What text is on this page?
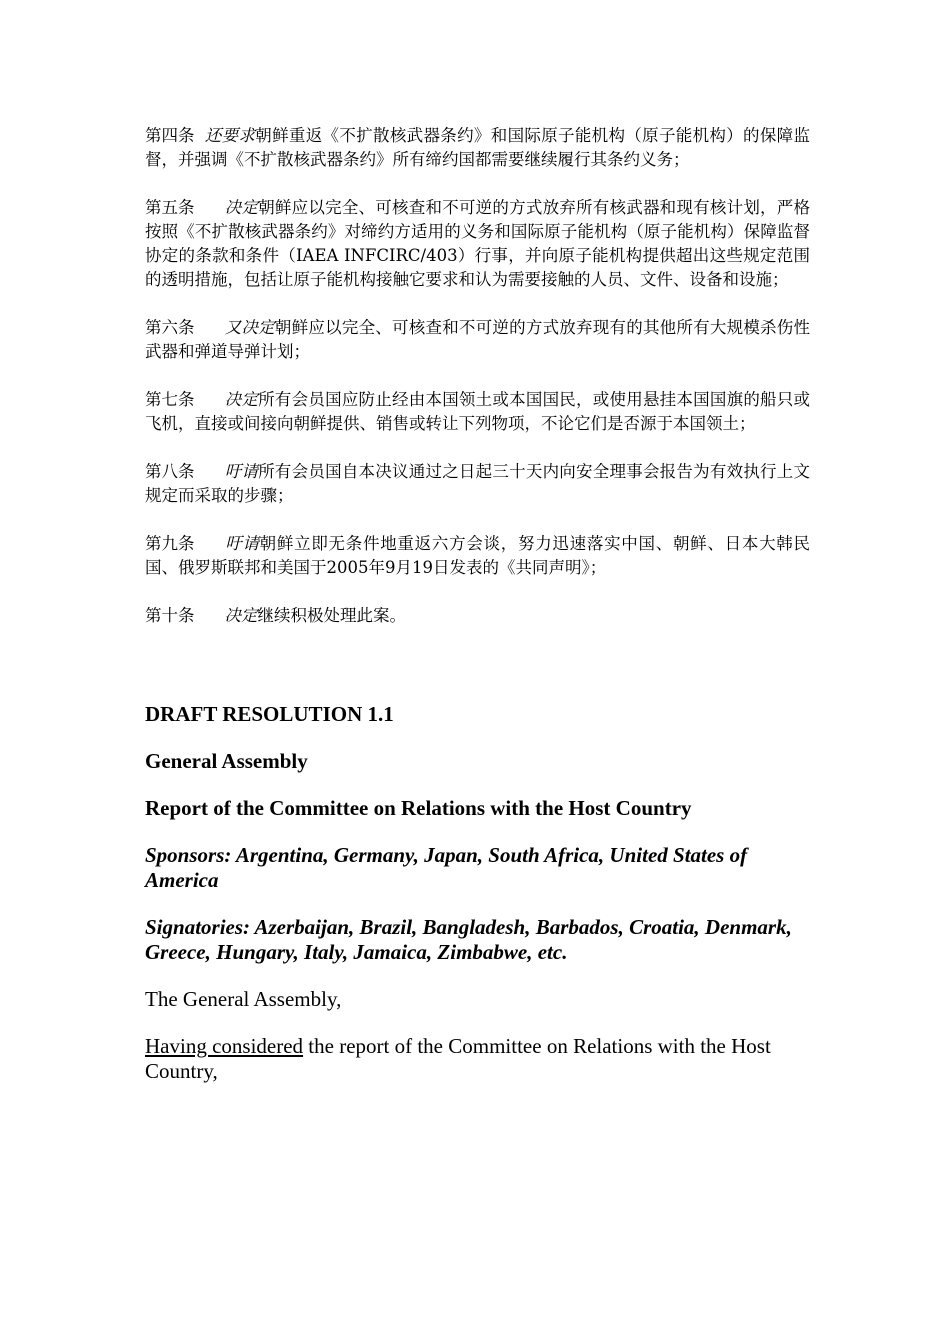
第四条 还要求朝鲜重返《不扩散核武器条约》和国际原子能机构（原子能机构）的保障监督，并强调《不扩散核武器条约》所有缔约国都需要继续履行其条约义务；

第五条 决定朝鲜应以完全、可核查和不可逆的方式放弃所有核武器和现有核计划，严格按照《不扩散核武器条约》对缔约方适用的义务和国际原子能机构（原子能机构）保障监督协定的条款和条件（IAEA INFCIRC/403）行事，并向原子能机构提供超出这些规定范围的透明措施，包括让原子能机构接触它要求和认为需要接触的人员、文件、设备和设施；

第六条 又决定朝鲜应以完全、可核查和不可逆的方式放弃现有的其他所有大规模杀伤性武器和弹道导弹计划；

第七条 决定所有会员国应防止经由本国领土或本国国民，或使用悬挂本国国旗的船只或飞机，直接或间接向朝鲜提供、销售或转让下列物项，不论它们是否源于本国领土；

第八条 吁请所有会员国自本决议通过之日起三十天内向安全理事会报告为有效执行上文规定而采取的步骤；

第九条 吁请朝鲜立即无条件地重返六方会谈，努力迅速落实中国、朝鲜、日本大韩民国、俄罗斯联邦和美国于2005年9月19日发表的《共同声明》；

第十条 决定继续积极处理此案。

DRAFT RESOLUTION 1.1

General Assembly

Report of the Committee on Relations with the Host Country

Sponsors: Argentina, Germany, Japan, South Africa, United States of America

Signatories: Azerbaijan, Brazil, Bangladesh, Barbados, Croatia, Denmark, Greece, Hungary, Italy, Jamaica, Zimbabwe, etc.

The General Assembly,

Having considered the report of the Committee on Relations with the Host Country,
